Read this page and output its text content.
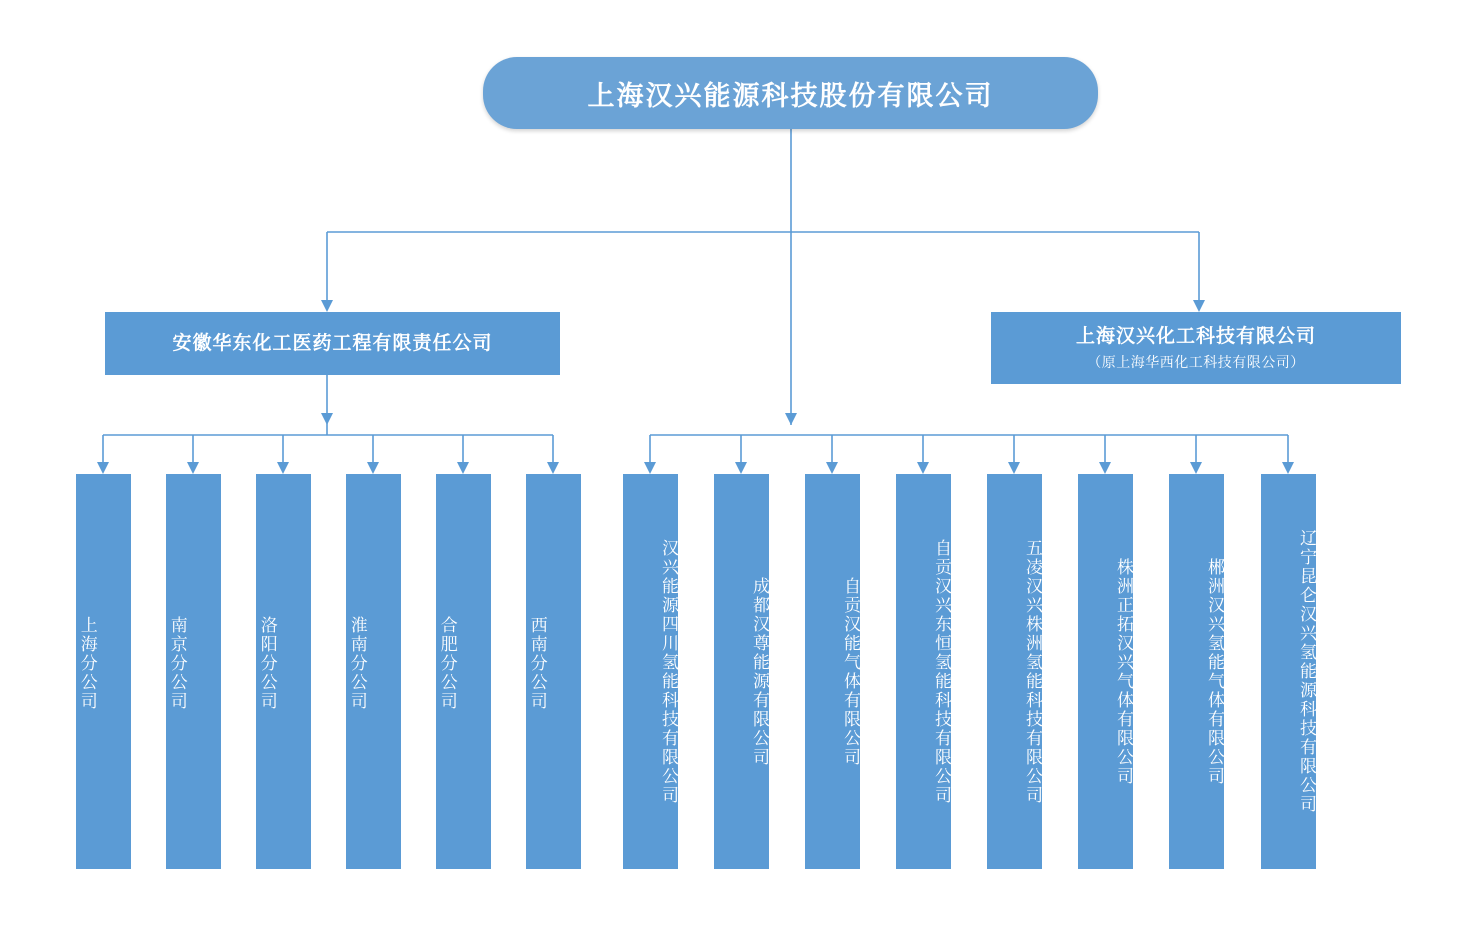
上海汉兴能源科技股份有限公司
安徽华东化工医药工程有限责任公司	上海汉兴化工科技有限公司
（原上海华西化工科技有限公司）
上海分公司	南京分公司	洛阳分公司	淮南分公司	合肥分公司	西南分公司	汉兴能源四川氢能科技有限公司	成都汉尊能源有限公司	自贡汉能气体有限公司	自贡汉兴东恒氢能科技有限公司	五凌汉兴株洲氢能科技有限公司	株洲正拓汉兴气体有限公司	郴洲汉兴氢能气体有限公司	辽宁昆仑汉兴氢能源科技有限公司
